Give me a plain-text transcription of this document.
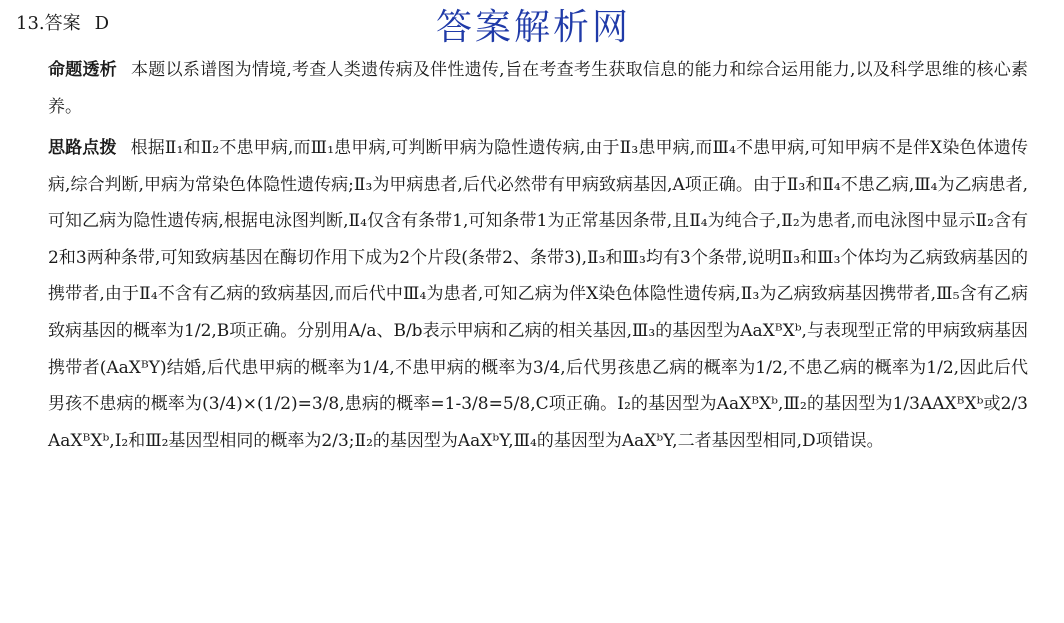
13.答案 D	答案解析网

命题透析 本题以系谱图为情境,考查人类遗传病及伴性遗传,旨在考查考生获取信息的能力和综合运用能力,以及科学思维的核心素养。

思路点拨 根据Ⅱ₁和Ⅱ₂不患甲病,而Ⅲ₁患甲病,可判断甲病为隐性遗传病,由于Ⅱ₃患甲病,而Ⅲ₄不患甲病,可知甲病不是伴X染色体遗传病,综合判断,甲病为常染色体隐性遗传病;Ⅱ₃为甲病患者,后代必然带有甲病致病基因,A项正确。由于Ⅱ₃和Ⅱ₄不患乙病,Ⅲ₄为乙病患者,可知乙病为隐性遗传病,根据电泳图判断,Ⅱ₄仅含有条带1,可知条带1为正常基因条带,且Ⅱ₄为纯合子,Ⅱ₂为患者,而电泳图中显示Ⅱ₂含有2和3两种条带,可知致病基因在酶切作用下成为2个片段(条带2、条带3),Ⅱ₃和Ⅲ₃均有3个条带,说明Ⅱ₃和Ⅲ₃个体均为乙病致病基因的携带者,由于Ⅱ₄不含有乙病的致病基因,而后代中Ⅲ₄为患者,可知乙病为伴X染色体隐性遗传病,Ⅱ₃为乙病致病基因携带者,Ⅲ₅含有乙病致病基因的概率为1/2,B项正确。分别用A/a、B/b表示甲病和乙病的相关基因,Ⅲ₃的基因型为AaXᴮXᵇ,与表现型正常的甲病致病基因携带者(AaXᴮY)结婚,后代患甲病的概率为1/4,不患甲病的概率为3/4,后代男孩患乙病的概率为1/2,不患乙病的概率为1/2,因此后代男孩不患病的概率为(3/4)×(1/2)=3/8,患病的概率=1-3/8=5/8,C项正确。Ⅰ₂的基因型为AaXᴮXᵇ,Ⅲ₂的基因型为1/3AAXᴮXᵇ或2/3AaXᴮXᵇ,Ⅰ₂和Ⅲ₂基因型相同的概率为2/3;Ⅱ₂的基因型为AaXᵇY,Ⅲ₄的基因型为AaXᵇY,二者基因型相同,D项错误。
